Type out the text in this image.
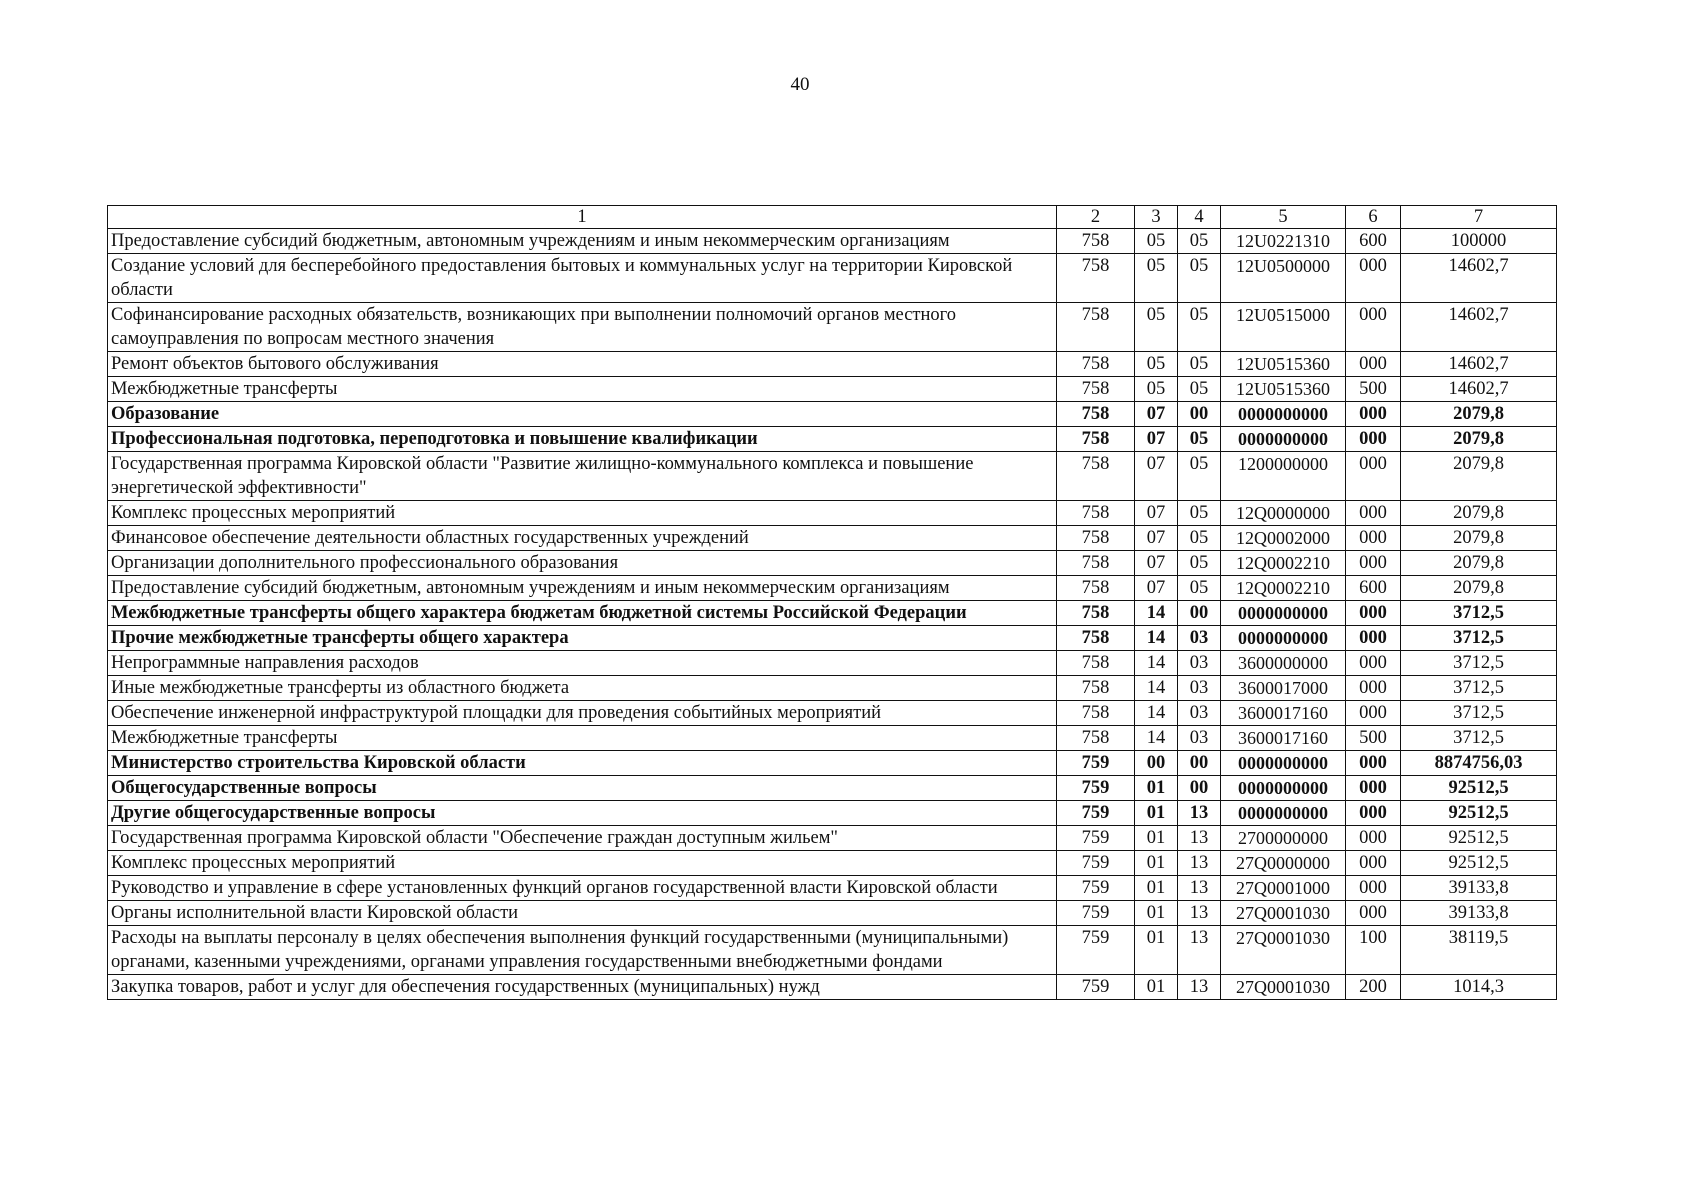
40
1	2	3	4	5	6	7
Предоставление субсидий бюджетным, автономным учреждениям и иным некоммерческим организациям	758	05	05	12U0221310	600	100000
Создание условий для бесперебойного предоставления бытовых и коммунальных услуг на территории Кировской области	758	05	05	12U0500000	000	14602,7
Софинансирование расходных обязательств, возникающих при выполнении полномочий органов местного самоуправления по вопросам местного значения	758	05	05	12U0515000	000	14602,7
Ремонт объектов бытового обслуживания	758	05	05	12U0515360	000	14602,7
Межбюджетные трансферты	758	05	05	12U0515360	500	14602,7
Образование	758	07	00	0000000000	000	2079,8
Профессиональная подготовка, переподготовка и повышение квалификации	758	07	05	0000000000	000	2079,8
Государственная программа Кировской области "Развитие жилищно-коммунального комплекса и повышение энергетической эффективности"	758	07	05	1200000000	000	2079,8
Комплекс процессных мероприятий	758	07	05	12Q0000000	000	2079,8
Финансовое обеспечение деятельности областных государственных учреждений	758	07	05	12Q0002000	000	2079,8
Организации дополнительного профессионального образования	758	07	05	12Q0002210	000	2079,8
Предоставление субсидий бюджетным, автономным учреждениям и иным некоммерческим организациям	758	07	05	12Q0002210	600	2079,8
Межбюджетные трансферты общего характера бюджетам бюджетной системы Российской Федерации	758	14	00	0000000000	000	3712,5
Прочие межбюджетные трансферты общего характера	758	14	03	0000000000	000	3712,5
Непрограммные направления расходов	758	14	03	3600000000	000	3712,5
Иные межбюджетные трансферты из областного бюджета	758	14	03	3600017000	000	3712,5
Обеспечение инженерной инфраструктурой площадки для проведения событийных мероприятий	758	14	03	3600017160	000	3712,5
Межбюджетные трансферты	758	14	03	3600017160	500	3712,5
Министерство строительства Кировской области	759	00	00	0000000000	000	8874756,03
Общегосударственные вопросы	759	01	00	0000000000	000	92512,5
Другие общегосударственные вопросы	759	01	13	0000000000	000	92512,5
Государственная программа Кировской области "Обеспечение граждан доступным жильем"	759	01	13	2700000000	000	92512,5
Комплекс процессных мероприятий	759	01	13	27Q0000000	000	92512,5
Руководство и управление в сфере установленных функций органов государственной власти Кировской области	759	01	13	27Q0001000	000	39133,8
Органы исполнительной власти Кировской области	759	01	13	27Q0001030	000	39133,8
Расходы на выплаты персоналу в целях обеспечения выполнения функций государственными (муниципальными) органами, казенными учреждениями, органами управления государственными внебюджетными фондами	759	01	13	27Q0001030	100	38119,5
Закупка товаров, работ и услуг для обеспечения государственных (муниципальных) нужд	759	01	13	27Q0001030	200	1014,3
